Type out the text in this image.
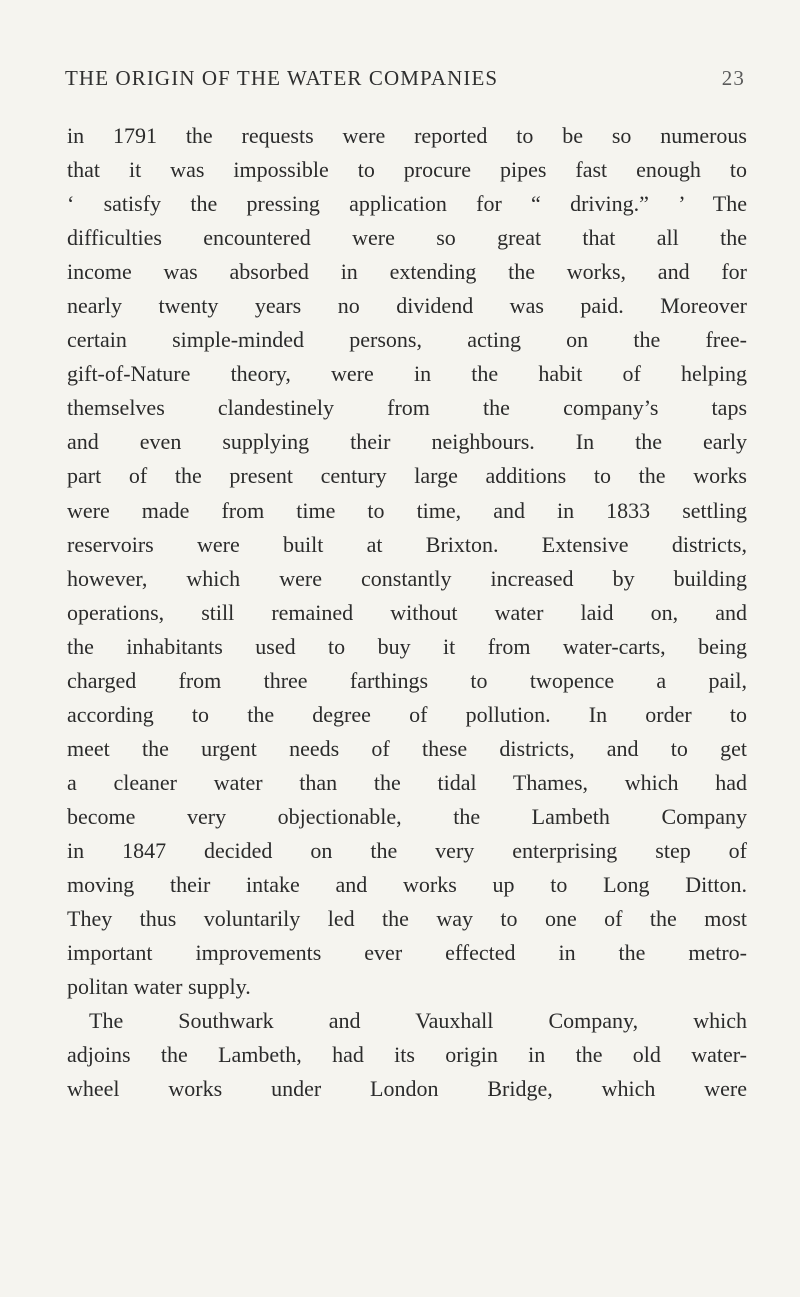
THE ORIGIN OF THE WATER COMPANIES	23
in 1791 the requests were reported to be so numerous
that it was impossible to procure pipes fast enough to
‘ satisfy the pressing application for “ driving.” ’ The
difficulties encountered were so great that all the
income was absorbed in extending the works, and for
nearly twenty years no dividend was paid. Moreover
certain simple-minded persons, acting on the free-
gift-of-Nature theory, were in the habit of helping
themselves clandestinely from the company’s taps
and even supplying their neighbours. In the early
part of the present century large additions to the works
were made from time to time, and in 1833 settling
reservoirs were built at Brixton. Extensive districts,
however, which were constantly increased by building
operations, still remained without water laid on, and
the inhabitants used to buy it from water-carts, being
charged from three farthings to twopence a pail,
according to the degree of pollution. In order to
meet the urgent needs of these districts, and to get
a cleaner water than the tidal Thames, which had
become very objectionable, the Lambeth Company
in 1847 decided on the very enterprising step of
moving their intake and works up to Long Ditton.
They thus voluntarily led the way to one of the most
important improvements ever effected in the metro-
politan water supply.
The Southwark and Vauxhall Company, which
adjoins the Lambeth, had its origin in the old water-
wheel works under London Bridge, which were
